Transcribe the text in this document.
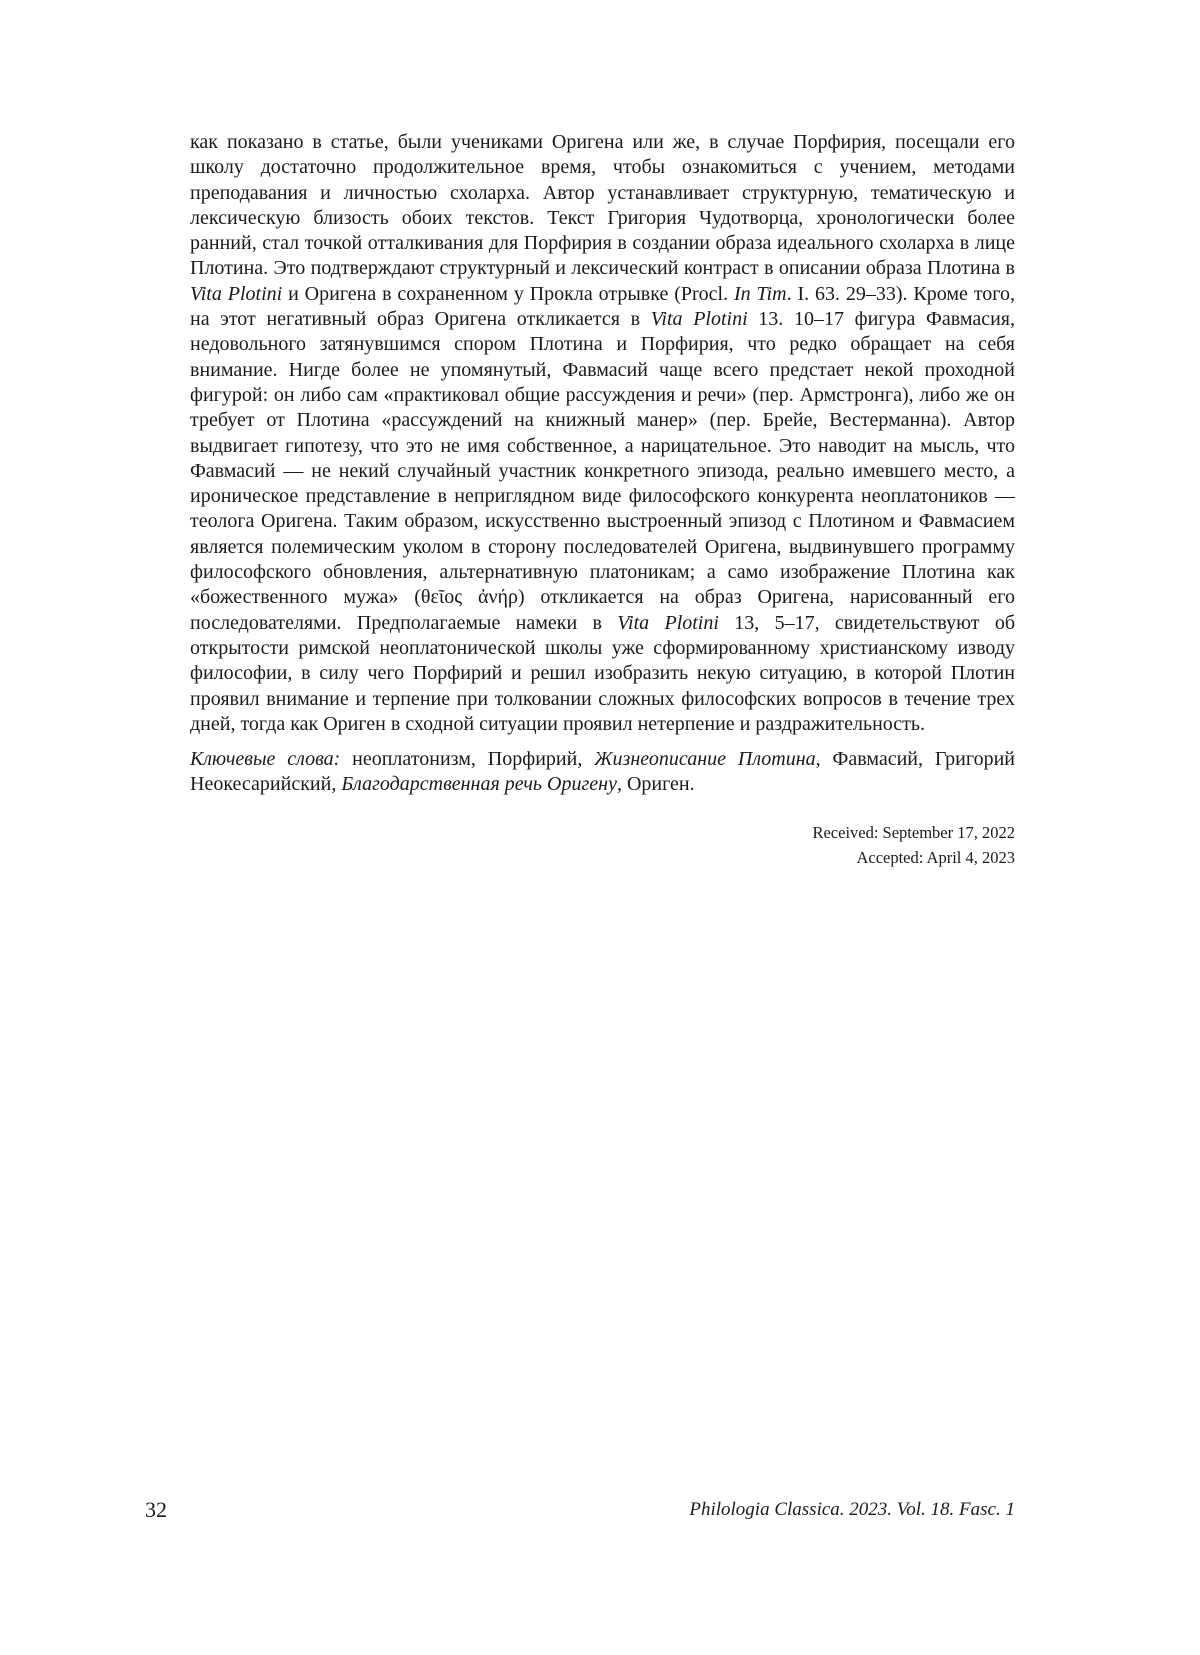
как показано в статье, были учениками Оригена или же, в случае Порфирия, посещали его школу достаточно продолжительное время, чтобы ознакомиться с учением, методами преподавания и личностью схоларха. Автор устанавливает структурную, тематическую и лексическую близость обоих текстов. Текст Григория Чудотворца, хронологически более ранний, стал точкой отталкивания для Порфирия в создании образа идеального схоларха в лице Плотина. Это подтверждают структурный и лексический контраст в описании образа Плотина в Vita Plotini и Оригена в сохраненном у Прокла отрывке (Procl. In Tim. I. 63. 29–33). Кроме того, на этот негативный образ Оригена откликается в Vita Plotini 13. 10–17 фигура Фавмасия, недовольного затянувшимся спором Плотина и Порфирия, что редко обращает на себя внимание. Нигде более не упомянутый, Фавмасий чаще всего предстает некой проходной фигурой: он либо сам «практиковал общие рассуждения и речи» (пер. Армстронга), либо же он требует от Плотина «рассуждений на книжный манер» (пер. Брейе, Вестерманна). Автор выдвигает гипотезу, что это не имя собственное, а нарицательное. Это наводит на мысль, что Фавмасий — не некий случайный участник конкретного эпизода, реально имевшего место, а ироническое представление в неприглядном виде философского конкурента неоплатоников — теолога Оригена. Таким образом, искусственно выстроенный эпизод с Плотином и Фавмасием является полемическим уколом в сторону последователей Оригена, выдвинувшего программу философского обновления, альтернативную платоникам; а само изображение Плотина как «божественного мужа» (θεῖος ἀνήρ) откликается на образ Оригена, нарисованный его последователями. Предполагаемые намеки в Vita Plotini 13, 5–17, свидетельствуют об открытости римской неоплатонической школы уже сформированному христианскому изводу философии, в силу чего Порфирий и решил изобразить некую ситуацию, в которой Плотин проявил внимание и терпение при толковании сложных философских вопросов в течение трех дней, тогда как Ориген в сходной ситуации проявил нетерпение и раздражительность.

Ключевые слова: неоплатонизм, Порфирий, Жизнеописание Плотина, Фавмасий, Григорий Неокесарийский, Благодарственная речь Оригену, Ориген.

Received: September 17, 2022
Accepted: April 4, 2023
32	Philologia Classica. 2023. Vol. 18. Fasc. 1
